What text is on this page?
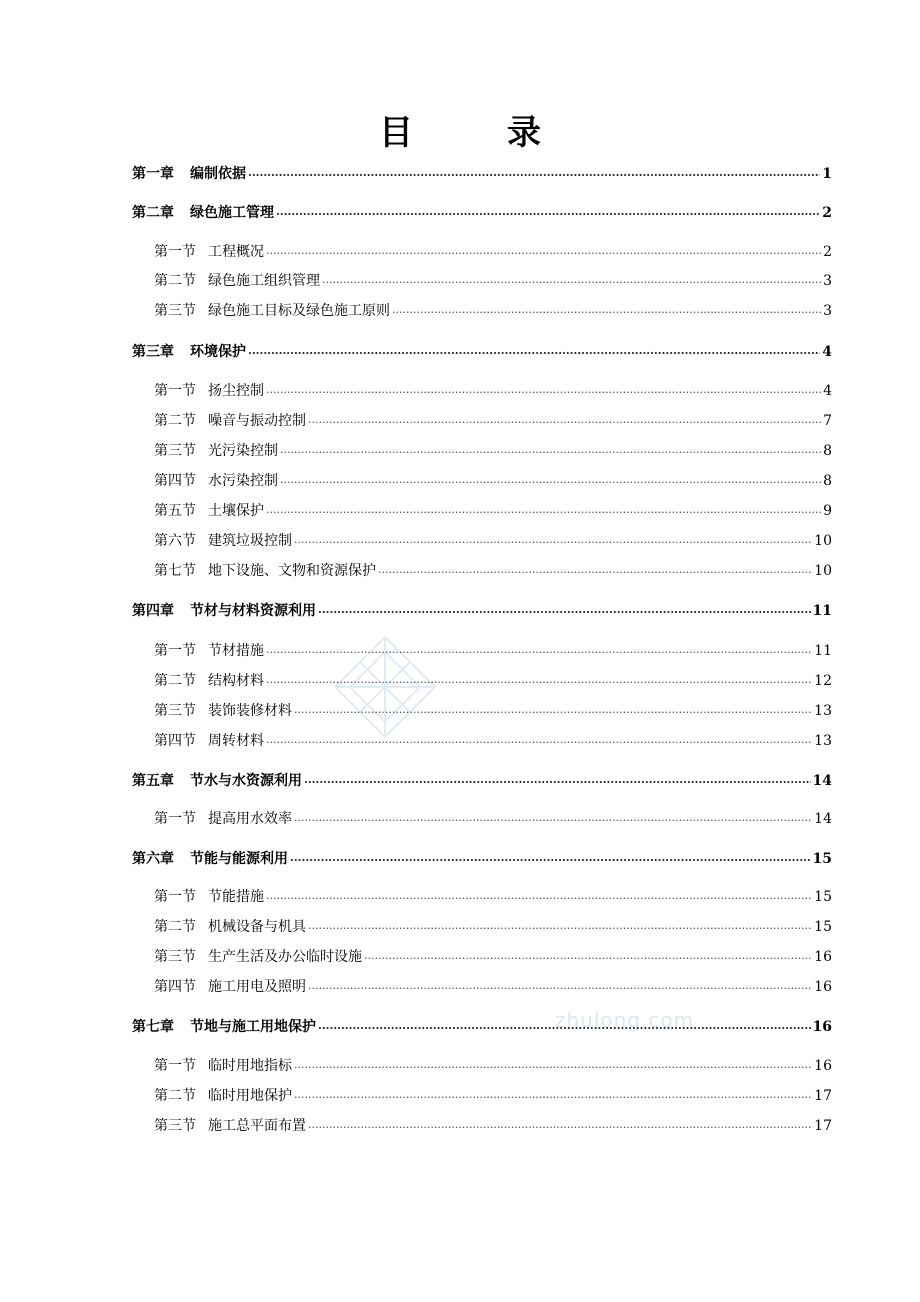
目　录
zhulong.com
第一章 编制依据 .....	1
第二章 绿色施工管理 .....	2
第一节 工程概况 .....	2
第二节 绿色施工组织管理 .....	3
第三节 绿色施工目标及绿色施工原则 .....	3
第三章 环境保护 .....	4
第一节 扬尘控制 .....	4
第二节 噪音与振动控制 .....	7
第三节 光污染控制 .....	8
第四节 水污染控制 .....	8
第五节 土壤保护 .....	9
第六节 建筑垃圾控制 .....	10
第七节 地下设施、文物和资源保护 .....	10
第四章 节材与材料资源利用 .....	11
第一节 节材措施 .....	11
第二节 结构材料 .....	12
第三节 装饰装修材料 .....	13
第四节 周转材料 .....	13
第五章 节水与水资源利用 .....	14
第一节 提高用水效率 .....	14
第六章 节能与能源利用 .....	15
第一节 节能措施 .....	15
第二节 机械设备与机具 .....	15
第三节 生产生活及办公临时设施 .....	16
第四节 施工用电及照明 .....	16
第七章 节地与施工用地保护 .....	16
第一节 临时用地指标 .....	16
第二节 临时用地保护 .....	17
第三节 施工总平面布置 .....	17
